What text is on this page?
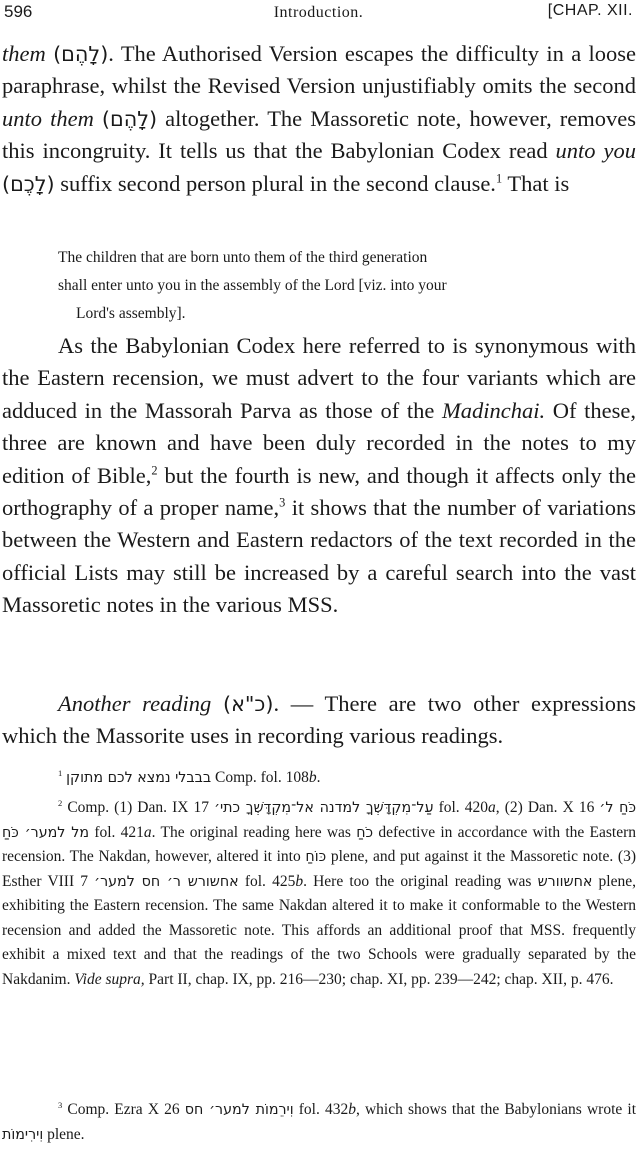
596	Introduction.	[CHAP. XII.
them (לָהֶם). The Authorised Version escapes the difficulty in a loose paraphrase, whilst the Revised Version unjustifiably omits the second unto them (לָהֶם) altogether. The Massoretic note, however, removes this incongruity. It tells us that the Babylonian Codex read unto you (לָכֶם) suffix second person plural in the second clause.$^1$ That is
The children that are born unto them of the third generation
shall enter unto you in the assembly of the Lord [viz. into your
Lord's assembly].
As the Babylonian Codex here referred to is synonymous with the Eastern recension, we must advert to the four variants which are adduced in the Massorah Parva as those of the Madinchai. Of these, three are known and have been duly recorded in the notes to my edition of Bible,$^2$ but the fourth is new, and though it affects only the orthography of a proper name,$^3$ it shows that the number of variations between the Western and Eastern redactors of the text recorded in the official Lists may still be increased by a careful search into the vast Massoretic notes in the various MSS.
Another reading (כ"א). — There are two other expressions which the Massorite uses in recording various readings.
$^1$ בבבלי נמצא לכם מתוקן Comp. fol. 108b.
$^2$ Comp. (1) Dan. IX 17 עַל־מִקְדָּשְׁךָ למדנה אל־מִקְדָּשְׁךָ כתי׳ fol. 420a, (2) Dan. X 16 כֹּחַ ל׳ מל למער׳ כֹּחַ fol. 421a. The original reading here was כֹחַ defective in accordance with the Eastern recension. The Nakdan, however, altered it into כּוֹחַ plene, and put against it the Massoretic note. (3) Esther VIII 7 אחשורש ר׳ חס למער׳ fol. 425b. Here too the original reading was אחשוורש plene, exhibiting the Eastern recension. The same Nakdan altered it to make it conformable to the Western recension and added the Massoretic note. This affords an additional proof that MSS. frequently exhibit a mixed text and that the readings of the two Schools were gradually separated by the Nakdanim. Vide supra, Part II, chap. IX, pp. 216—230; chap. XI, pp. 239—242; chap. XII, p. 476.
$^3$ Comp. Ezra X 26 וִירֵמוֹת למער׳ חס fol. 432b, which shows that the Babylonians wrote it וִירִימוֹת plene.
